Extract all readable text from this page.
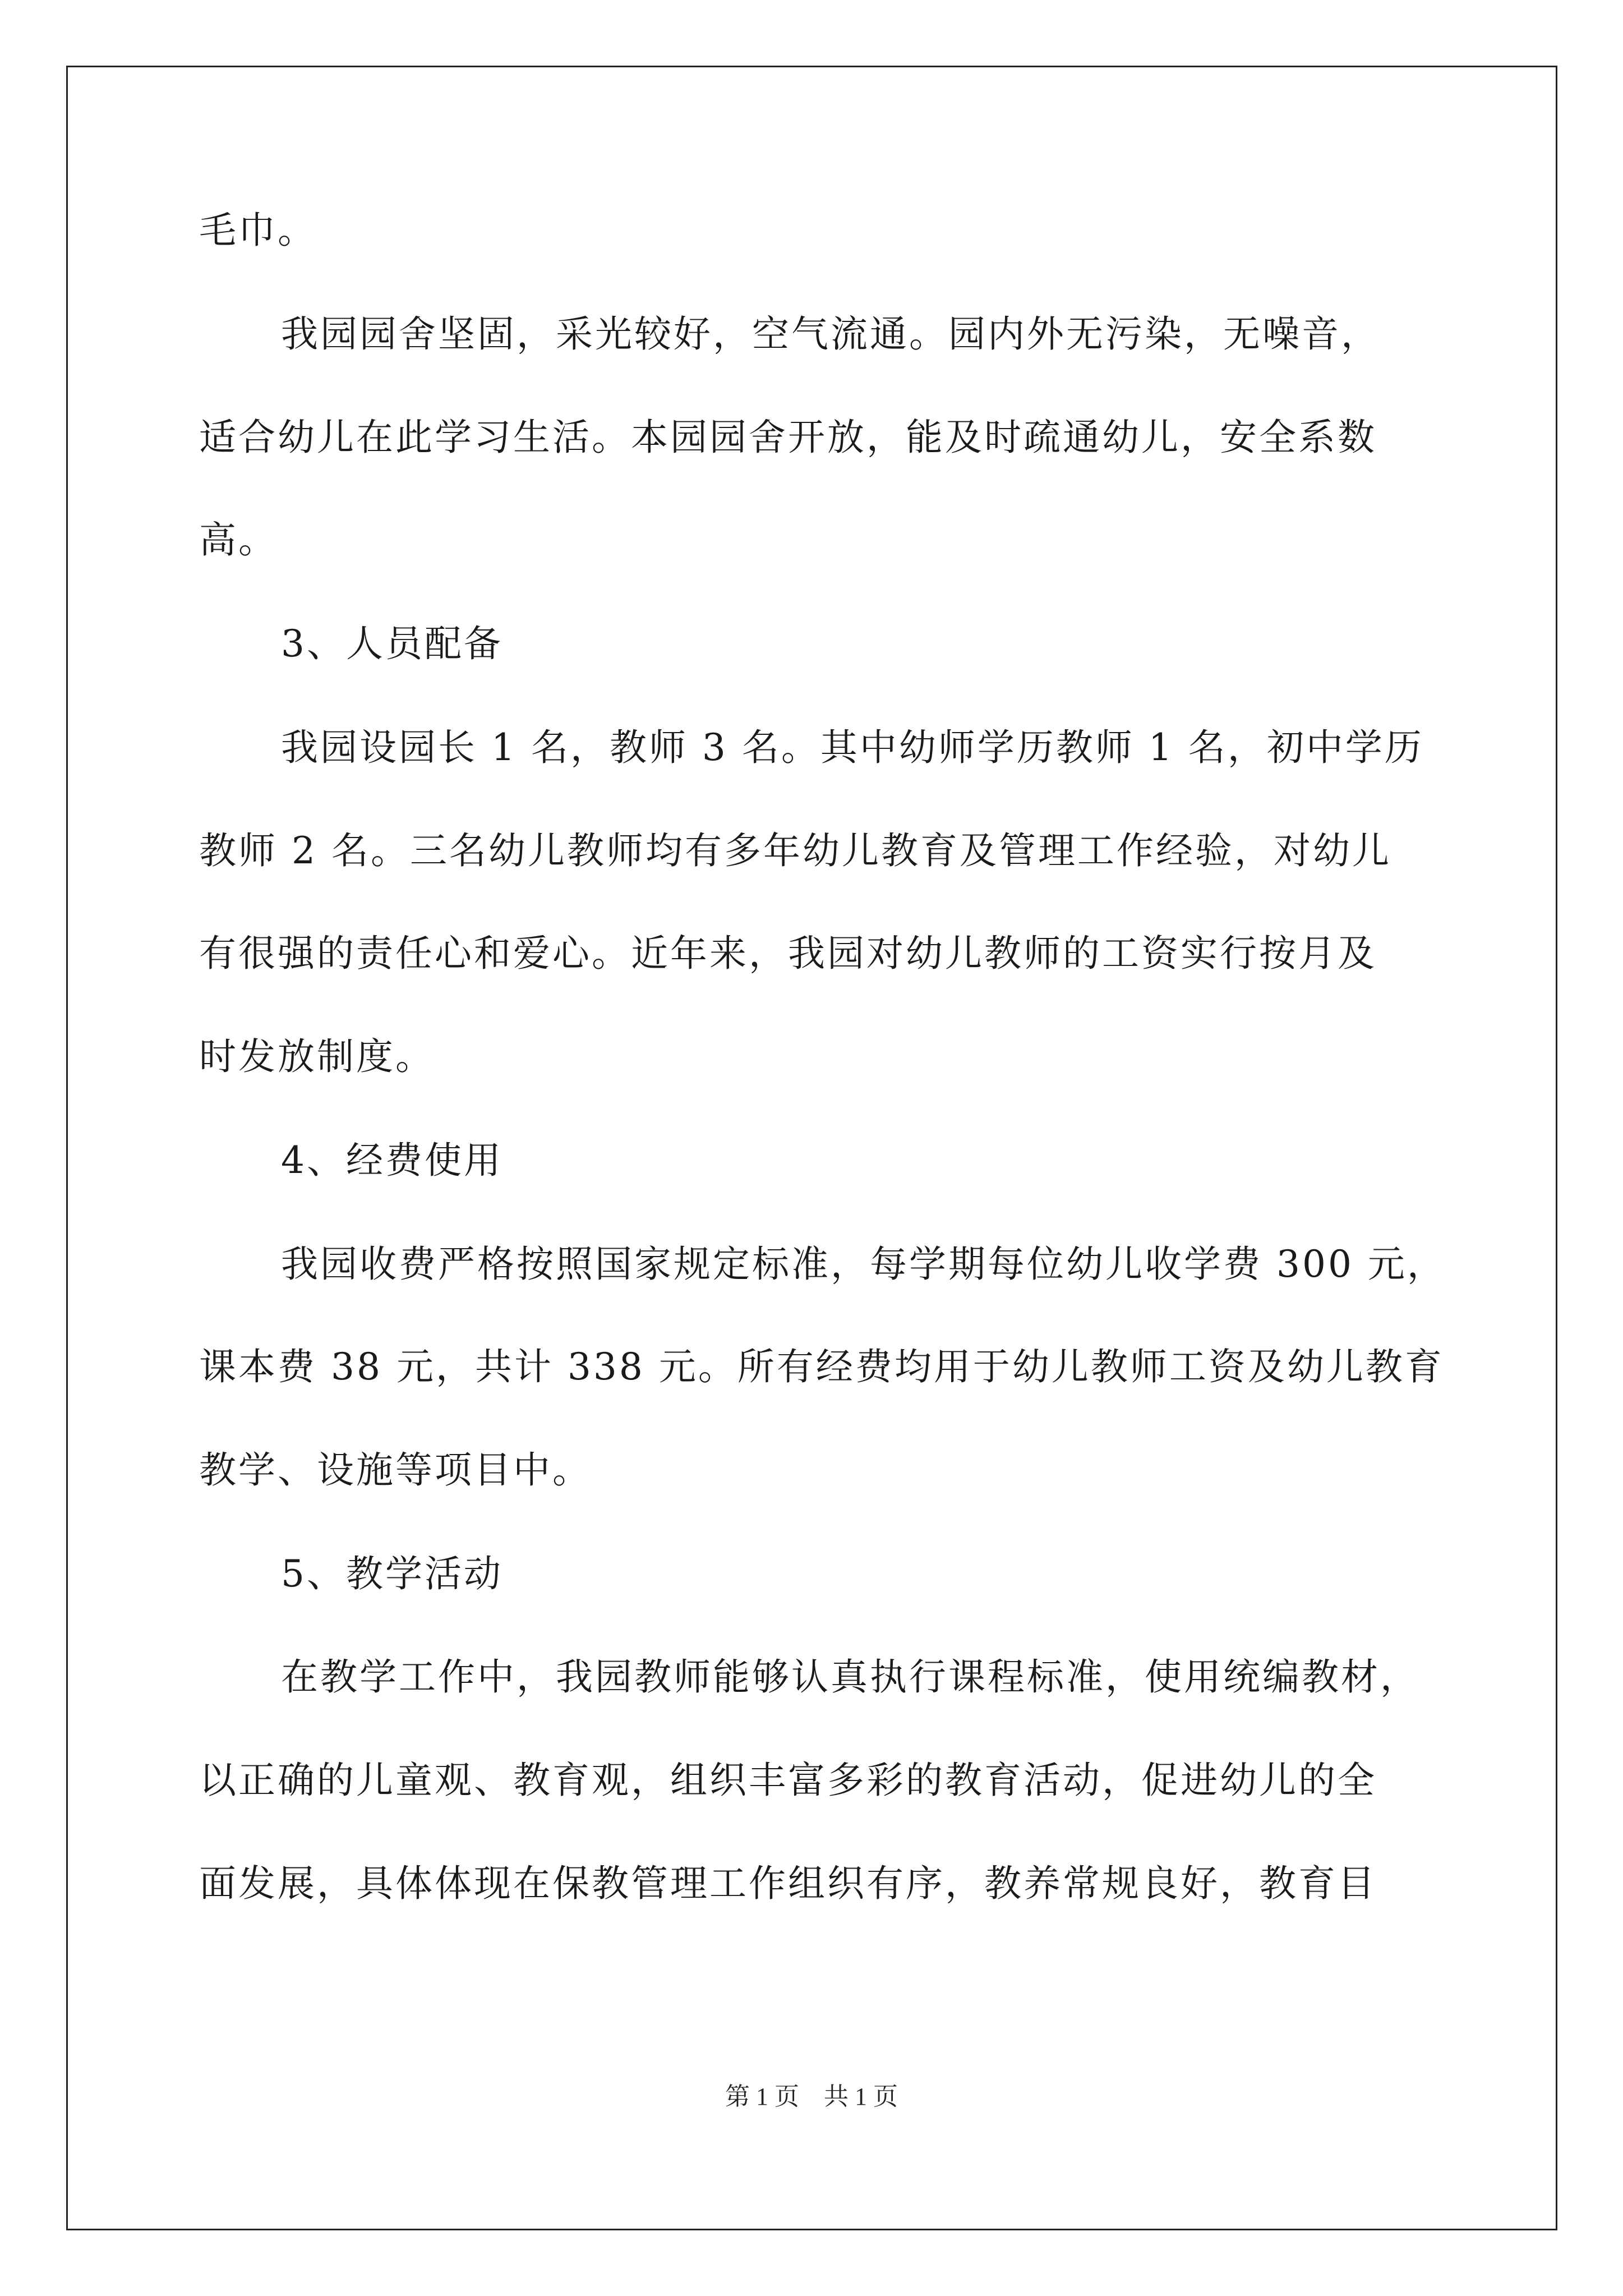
毛巾。
我园园舍坚固，采光较好，空气流通。园内外无污染，无噪音，
适合幼儿在此学习生活。本园园舍开放，能及时疏通幼儿，安全系数
高。
3、人员配备
我园设园长 1 名，教师 3 名。其中幼师学历教师 1 名，初中学历
教师 2 名。三名幼儿教师均有多年幼儿教育及管理工作经验，对幼儿
有很强的责任心和爱心。近年来，我园对幼儿教师的工资实行按月及
时发放制度。
4、经费使用
我园收费严格按照国家规定标准，每学期每位幼儿收学费 300 元，
课本费 38 元，共计 338 元。所有经费均用于幼儿教师工资及幼儿教育
教学、设施等项目中。
5、教学活动
在教学工作中，我园教师能够认真执行课程标准，使用统编教材，
以正确的儿童观、教育观，组织丰富多彩的教育活动，促进幼儿的全
面发展，具体体现在保教管理工作组织有序，教养常规良好，教育目
第 1 页　共 1 页
